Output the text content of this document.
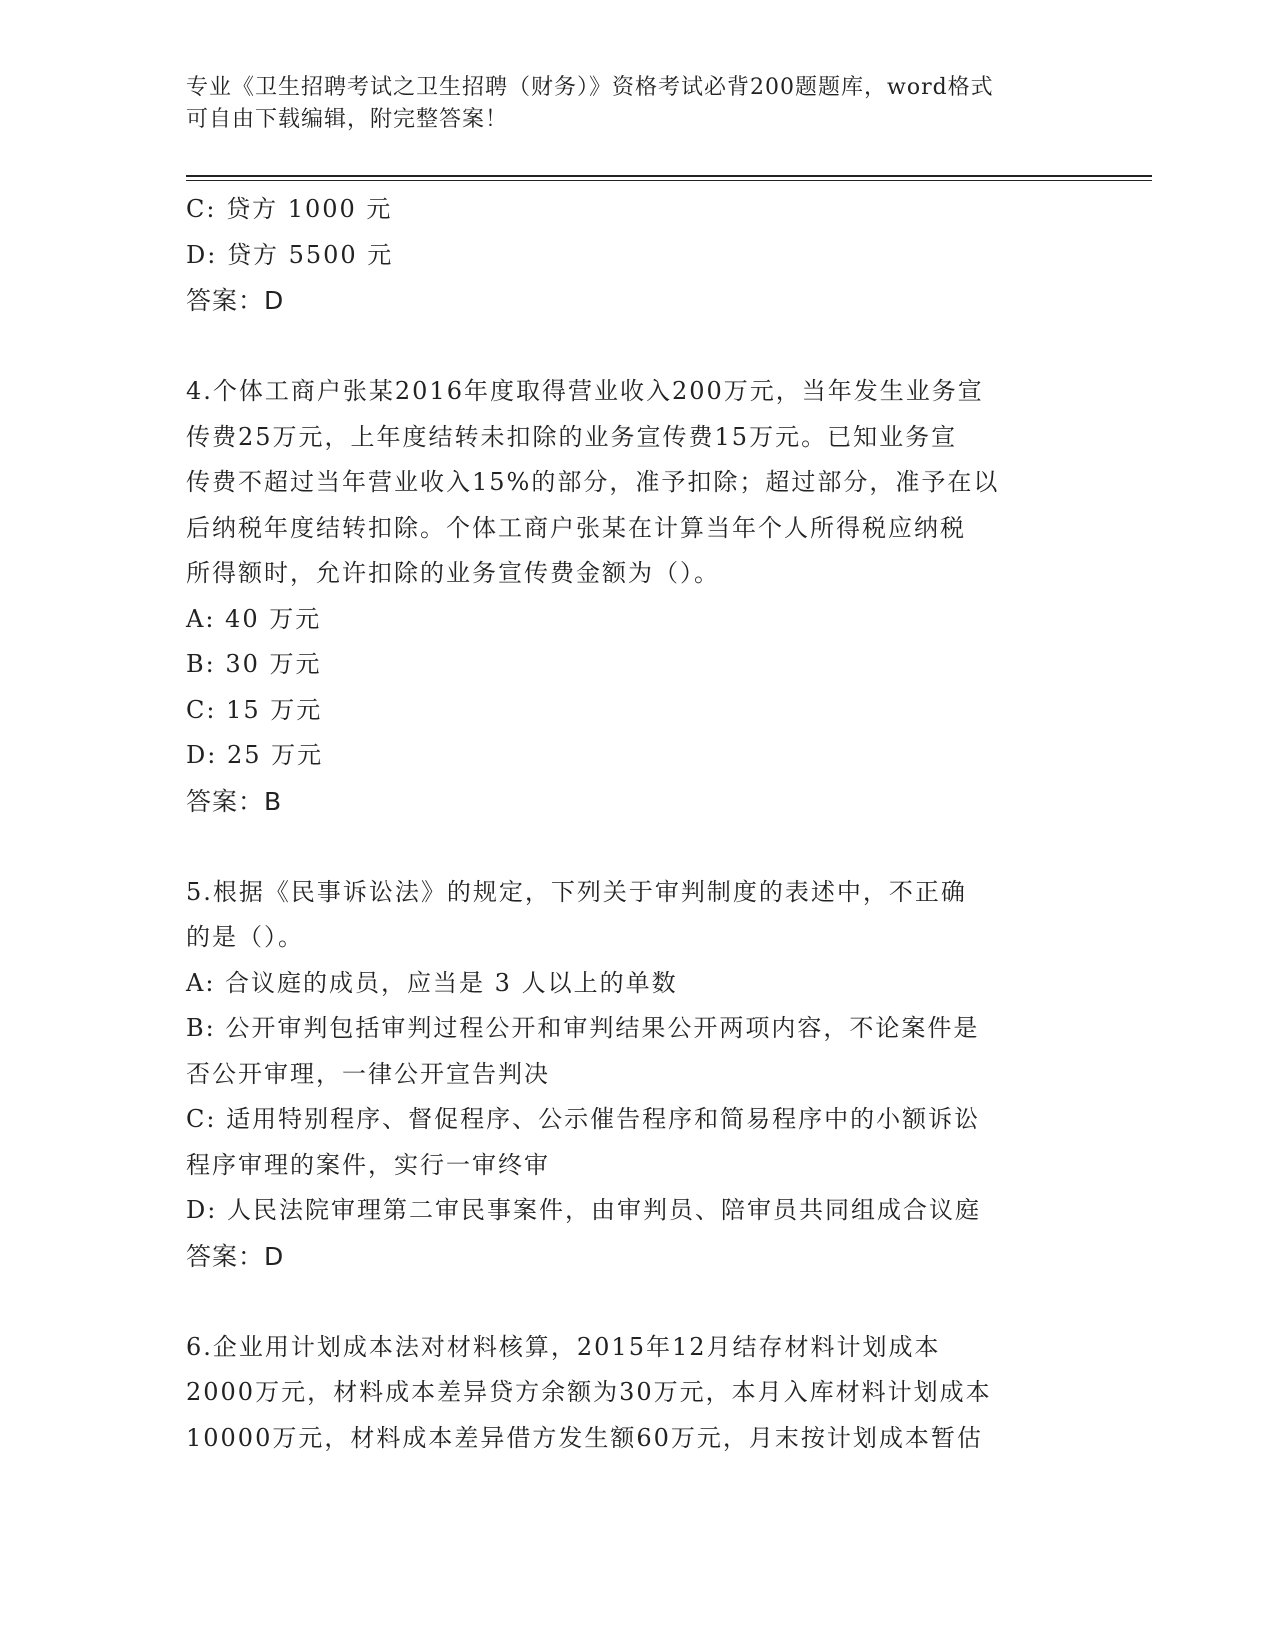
专业《卫生招聘考试之卫生招聘（财务）》资格考试必背200题题库，word格式
可自由下载编辑，附完整答案！
C: 贷方 1000 元
D: 贷方 5500 元
答案：D
4.个体工商户张某2016年度取得营业收入200万元，当年发生业务宣
传费25万元，上年度结转未扣除的业务宣传费15万元。已知业务宣
传费不超过当年营业收入15%的部分，准予扣除；超过部分，准予在以
后纳税年度结转扣除。个体工商户张某在计算当年个人所得税应纳税
所得额时，允许扣除的业务宣传费金额为（）。
A: 40 万元
B: 30 万元
C: 15 万元
D: 25 万元
答案：B
5.根据《民事诉讼法》的规定，下列关于审判制度的表述中，不正确
的是（）。
A: 合议庭的成员，应当是 3 人以上的单数
B: 公开审判包括审判过程公开和审判结果公开两项内容，不论案件是
否公开审理，一律公开宣告判决
C: 适用特别程序、督促程序、公示催告程序和简易程序中的小额诉讼
程序审理的案件，实行一审终审
D: 人民法院审理第二审民事案件，由审判员、陪审员共同组成合议庭
答案：D
6.企业用计划成本法对材料核算，2015年12月结存材料计划成本
2000万元，材料成本差异贷方余额为30万元，本月入库材料计划成本
10000万元，材料成本差异借方发生额60万元，月末按计划成本暂估
